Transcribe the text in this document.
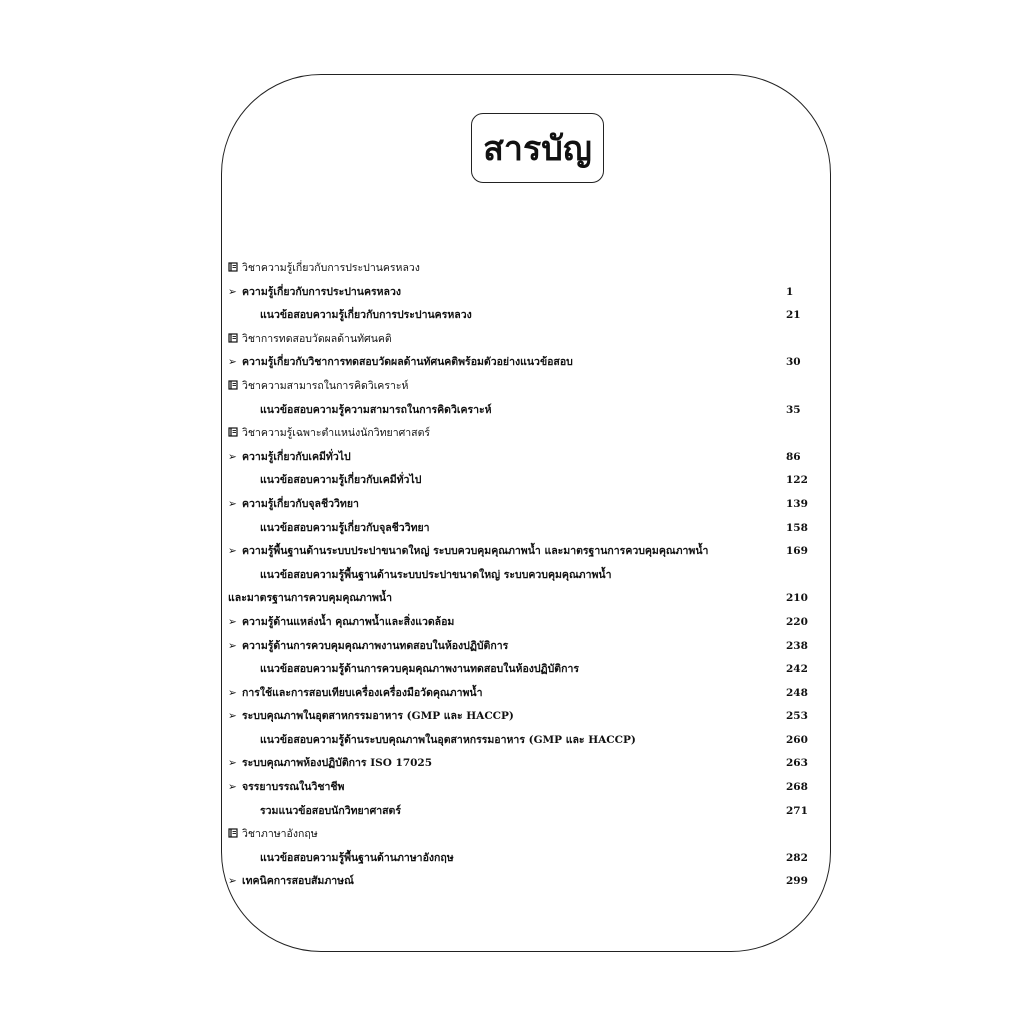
สารบัญ
วิชาความรู้เกี่ยวกับการประปานครหลวง
➢ ความรู้เกี่ยวกับการประปานครหลวง	1
แนวข้อสอบความรู้เกี่ยวกับการประปานครหลวง	21
วิชาการทดสอบวัดผลด้านทัศนคติ
➢ ความรู้เกี่ยวกับวิชาการทดสอบวัดผลด้านทัศนคติพร้อมตัวอย่างแนวข้อสอบ	30
วิชาความสามารถในการคิดวิเคราะห์
แนวข้อสอบความรู้ความสามารถในการคิดวิเคราะห์	35
วิชาความรู้เฉพาะตำแหน่งนักวิทยาศาสตร์
➢ ความรู้เกี่ยวกับเคมีทั่วไป	86
แนวข้อสอบความรู้เกี่ยวกับเคมีทั่วไป	122
➢ ความรู้เกี่ยวกับจุลชีววิทยา	139
แนวข้อสอบความรู้เกี่ยวกับจุลชีววิทยา	158
➢ ความรู้พื้นฐานด้านระบบประปาขนาดใหญ่ ระบบควบคุมคุณภาพน้ำ และมาตรฐานการควบคุมคุณภาพน้ำ	169
แนวข้อสอบความรู้พื้นฐานด้านระบบประปาขนาดใหญ่ ระบบควบคุมคุณภาพน้ำ
และมาตรฐานการควบคุมคุณภาพน้ำ	210
➢ ความรู้ด้านแหล่งน้ำ คุณภาพน้ำและสิ่งแวดล้อม	220
➢ ความรู้ด้านการควบคุมคุณภาพงานทดสอบในห้องปฏิบัติการ	238
แนวข้อสอบความรู้ด้านการควบคุมคุณภาพงานทดสอบในห้องปฏิบัติการ	242
➢ การใช้และการสอบเทียบเครื่องเครื่องมือวัดคุณภาพน้ำ	248
➢ ระบบคุณภาพในอุตสาหกรรมอาหาร (GMP และ HACCP)	253
แนวข้อสอบความรู้ด้านระบบคุณภาพในอุตสาหกรรมอาหาร (GMP และ HACCP)	260
➢ ระบบคุณภาพห้องปฏิบัติการ ISO 17025	263
➢ จรรยาบรรณในวิชาชีพ	268
รวมแนวข้อสอบนักวิทยาศาสตร์	271
วิชาภาษาอังกฤษ
แนวข้อสอบความรู้พื้นฐานด้านภาษาอังกฤษ	282
➢ เทคนิคการสอบสัมภาษณ์	299
